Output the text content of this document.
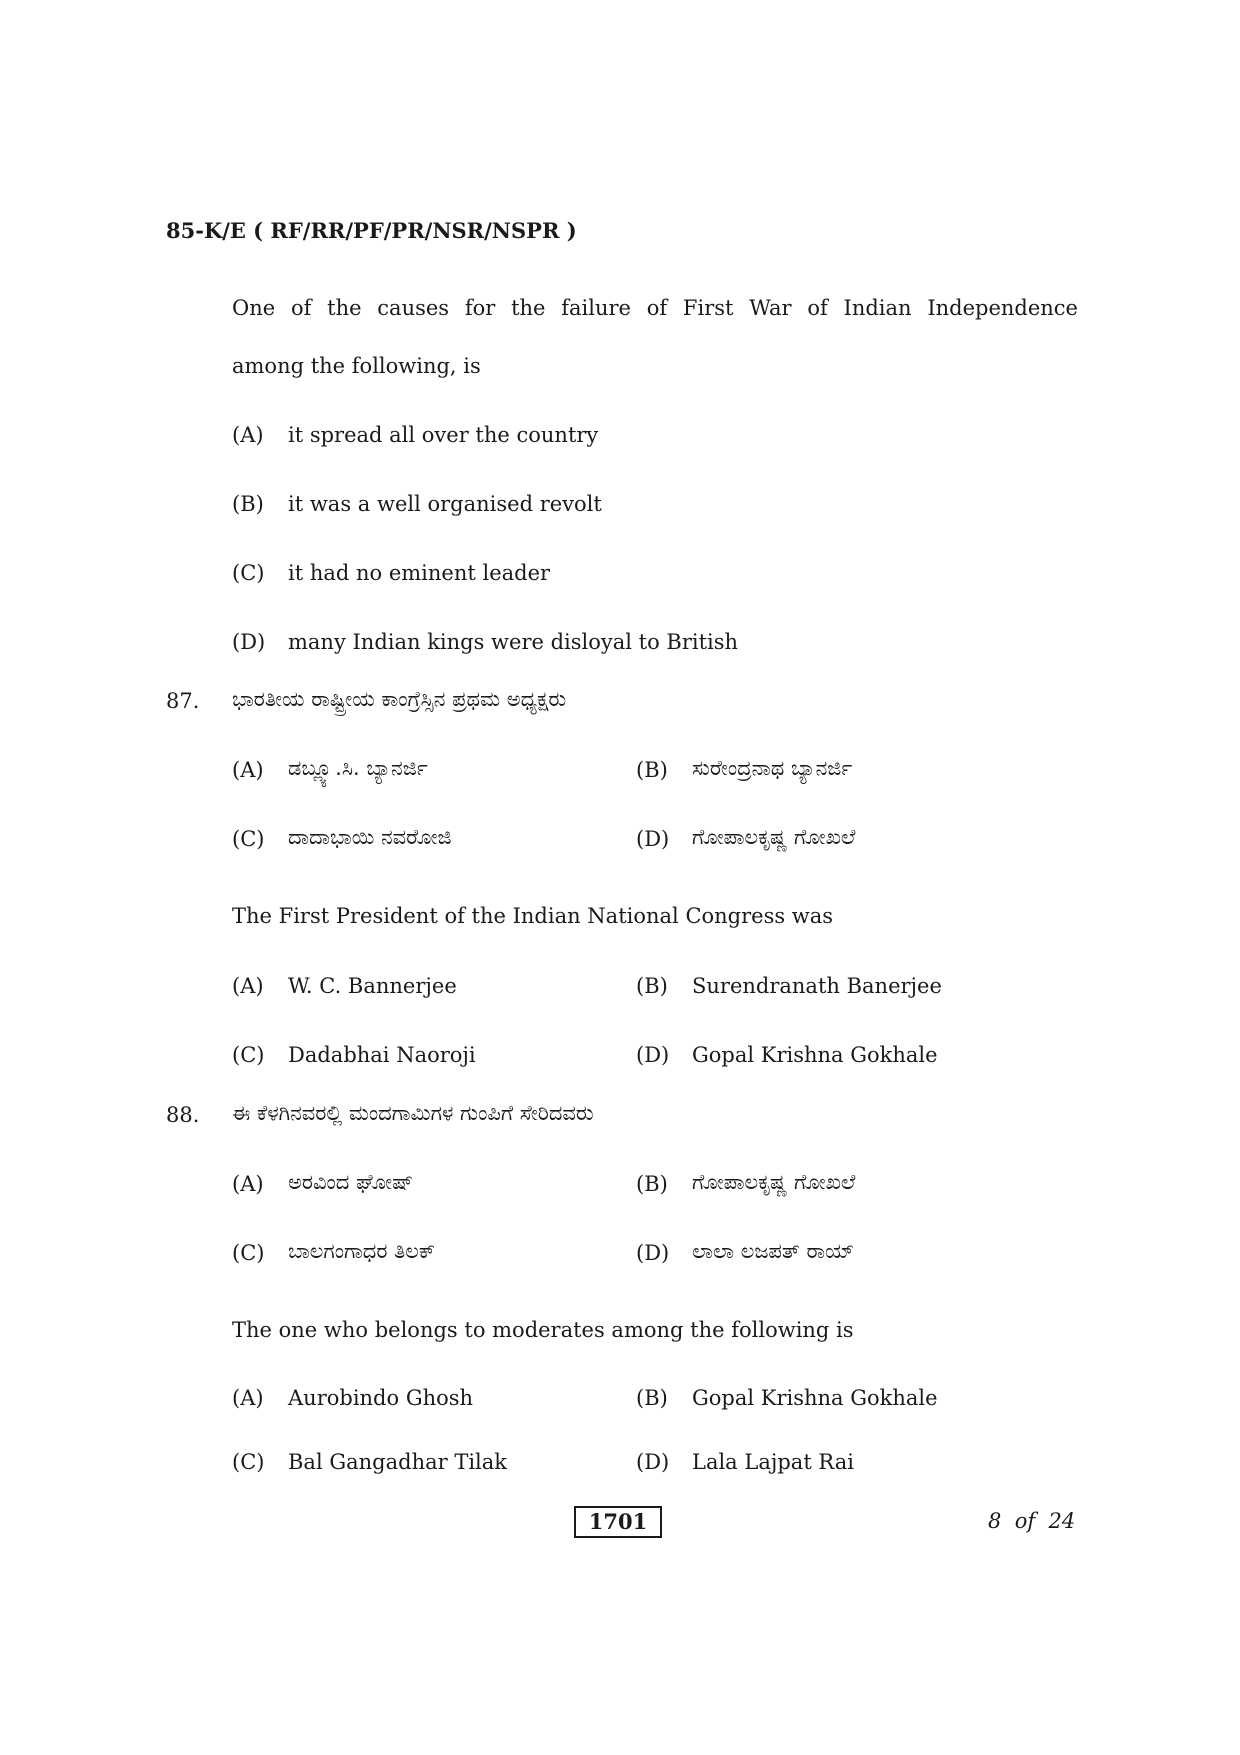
85-K/E ( RF/RR/PF/PR/NSR/NSPR )
One of the causes for the failure of First War of Indian Independence
among the following, is
(A) it spread all over the country
(B) it was a well organised revolt
(C) it had no eminent leader
(D) many Indian kings were disloyal to British
87. ಭಾರತೀಯ ರಾಷ್ಟ್ರೀಯ ಕಾಂಗ್ರೆಸ್ಸಿನ ಪ್ರಥಮ ಅಧ್ಯಕ್ಷರು
(A) ಡಬ್ಲ್ಯೂ.ಸಿ. ಬ್ಯಾನರ್ಜಿ	(B) ಸುರೇಂದ್ರನಾಥ ಬ್ಯಾನರ್ಜಿ
(C) ದಾದಾಭಾಯಿ ನವರೋಜಿ	(D) ಗೋಪಾಲಕೃಷ್ಣ ಗೋಖಲೆ
The First President of the Indian National Congress was
(A) W. C. Bannerjee	(B) Surendranath Banerjee
(C) Dadabhai Naoroji	(D) Gopal Krishna Gokhale
88. ಈ ಕೆಳಗಿನವರಲ್ಲಿ ಮಂದಗಾಮಿಗಳ ಗುಂಪಿಗೆ ಸೇರಿದವರು
(A) ಅರವಿಂದ ಘೋಷ್	(B) ಗೋಪಾಲಕೃಷ್ಣ ಗೋಖಲೆ
(C) ಬಾಲಗಂಗಾಧರ ತಿಲಕ್	(D) ಲಾಲಾ ಲಜಪತ್ ರಾಯ್
The one who belongs to moderates among the following is
(A) Aurobindo Ghosh	(B) Gopal Krishna Gokhale
(C) Bal Gangadhar Tilak	(D) Lala Lajpat Rai
1701	8  of  24
